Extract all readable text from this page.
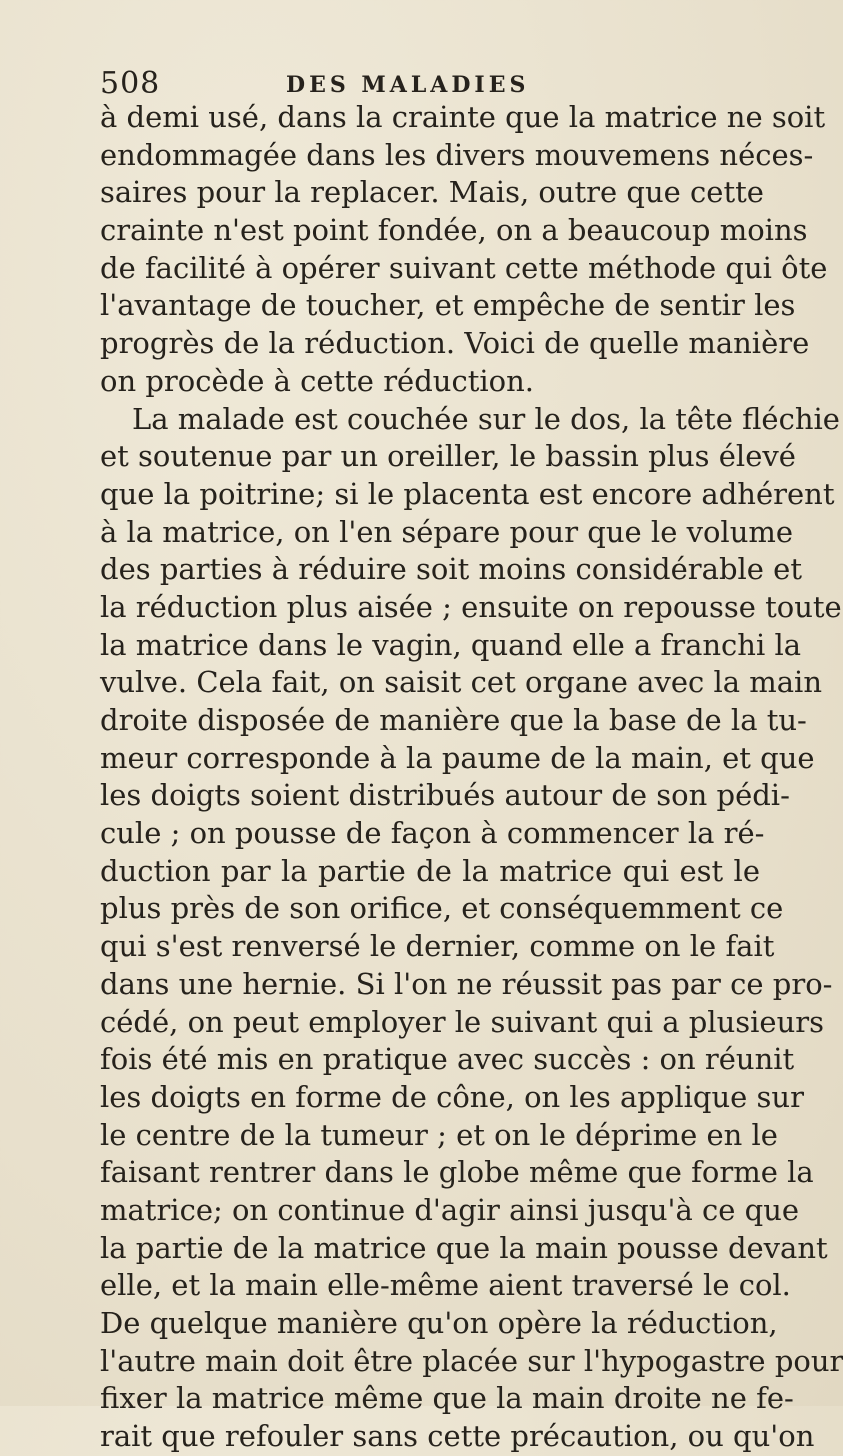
508	DES MALADIES
à demi usé, dans la crainte que la matrice ne soit
endommagée dans les divers mouvemens néces-
saires pour la replacer. Mais, outre que cette
crainte n'est point fondée, on a beaucoup moins
de facilité à opérer suivant cette méthode qui ôte
l'avantage de toucher, et empêche de sentir les
progrès de la réduction. Voici de quelle manière
on procède à cette réduction.
La malade est couchée sur le dos, la tête fléchie
et soutenue par un oreiller, le bassin plus élevé
que la poitrine; si le placenta est encore adhérent
à la matrice, on l'en sépare pour que le volume
des parties à réduire soit moins considérable et
la réduction plus aisée ; ensuite on repousse toute
la matrice dans le vagin, quand elle a franchi la
vulve. Cela fait, on saisit cet organe avec la main
droite disposée de manière que la base de la tu-
meur corresponde à la paume de la main, et que
les doigts soient distribués autour de son pédi-
cule ; on pousse de façon à commencer la ré-
duction par la partie de la matrice qui est le
plus près de son orifice, et conséquemment ce
qui s'est renversé le dernier, comme on le fait
dans une hernie. Si l'on ne réussit pas par ce pro-
cédé, on peut employer le suivant qui a plusieurs
fois été mis en pratique avec succès : on réunit
les doigts en forme de cône, on les applique sur
le centre de la tumeur ; et on le déprime en le
faisant rentrer dans le globe même que forme la
matrice; on continue d'agir ainsi jusqu'à ce que
la partie de la matrice que la main pousse devant
elle, et la main elle-même aient traversé le col.
De quelque manière qu'on opère la réduction,
l'autre main doit être placée sur l'hypogastre pour
fixer la matrice même que la main droite ne fe-
rait que refouler sans cette précaution, ou qu'on
